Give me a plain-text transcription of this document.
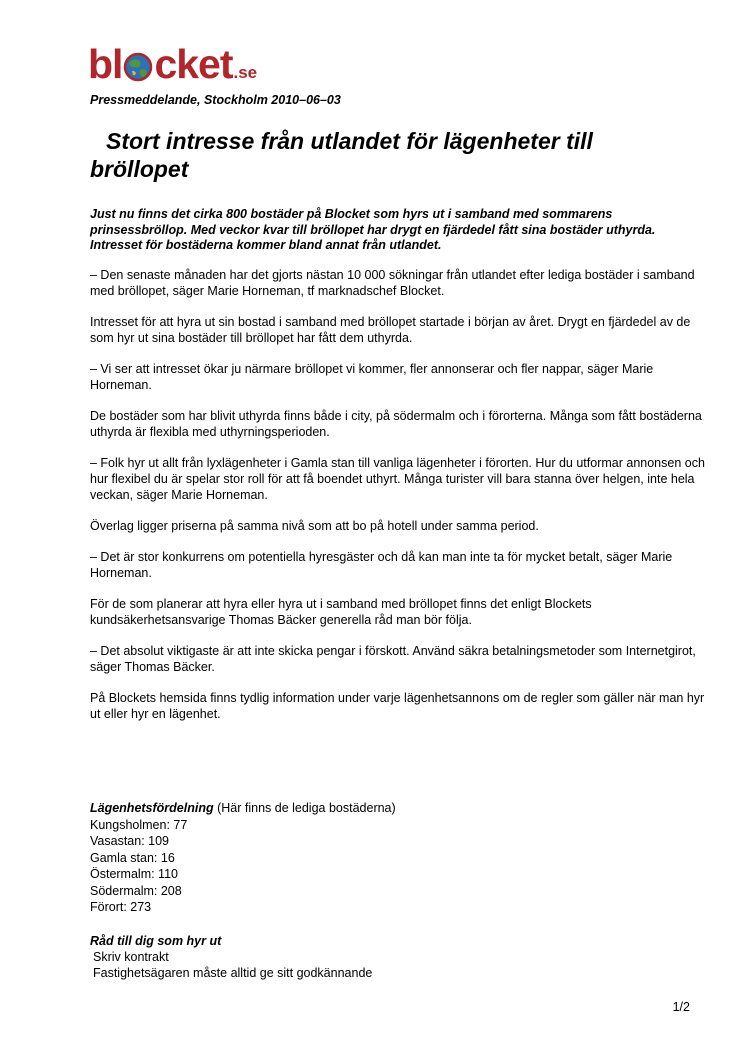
bl cket .se
Pressmeddelande, Stockholm 2010–06–03
Stort intresse från utlandet för lägenheter till bröllopet

Just nu finns det cirka 800 bostäder på Blocket som hyrs ut i samband med sommarens prinsessbröllop. Med veckor kvar till bröllopet har drygt en fjärdedel fått sina bostäder uthyrda. Intresset för bostäderna kommer bland annat från utlandet.

– Den senaste månaden har det gjorts nästan 10 000 sökningar från utlandet efter lediga bostäder i samband med bröllopet, säger Marie Horneman, tf marknadschef Blocket.

Intresset för att hyra ut sin bostad i samband med bröllopet startade i början av året. Drygt en fjärdedel av de som hyr ut sina bostäder till bröllopet har fått dem uthyrda.

– Vi ser att intresset ökar ju närmare bröllopet vi kommer, fler annonserar och fler nappar, säger Marie Horneman.

De bostäder som har blivit uthyrda finns både i city, på södermalm och i förorterna. Många som fått bostäderna uthyrda är flexibla med uthyrningsperioden.

– Folk hyr ut allt från lyxlägenheter i Gamla stan till vanliga lägenheter i förorten. Hur du utformar annonsen och hur flexibel du är spelar stor roll för att få boendet uthyrt. Många turister vill bara stanna över helgen, inte hela veckan, säger Marie Horneman.

Överlag ligger priserna på samma nivå som att bo på hotell under samma period.

– Det är stor konkurrens om potentiella hyresgäster och då kan man inte ta för mycket betalt, säger Marie Horneman.

För de som planerar att hyra eller hyra ut i samband med bröllopet finns det enligt Blockets kundsäkerhetsansvarige Thomas Bäcker generella råd man bör följa.

– Det absolut viktigaste är att inte skicka pengar i förskott. Använd säkra betalningsmetoder som Internetgirot, säger Thomas Bäcker.

På Blockets hemsida finns tydlig information under varje lägenhetsannons om de regler som gäller när man hyr ut eller hyr en lägenhet.

Lägenhetsfördelning (Här finns de lediga bostäderna)
Kungsholmen: 77
Vasastan: 109
Gamla stan: 16
Östermalm: 110
Södermalm: 208
Förort: 273
Råd till dig som hyr ut
Skriv kontrakt
Fastighetsägaren måste alltid ge sitt godkännande
1/2
